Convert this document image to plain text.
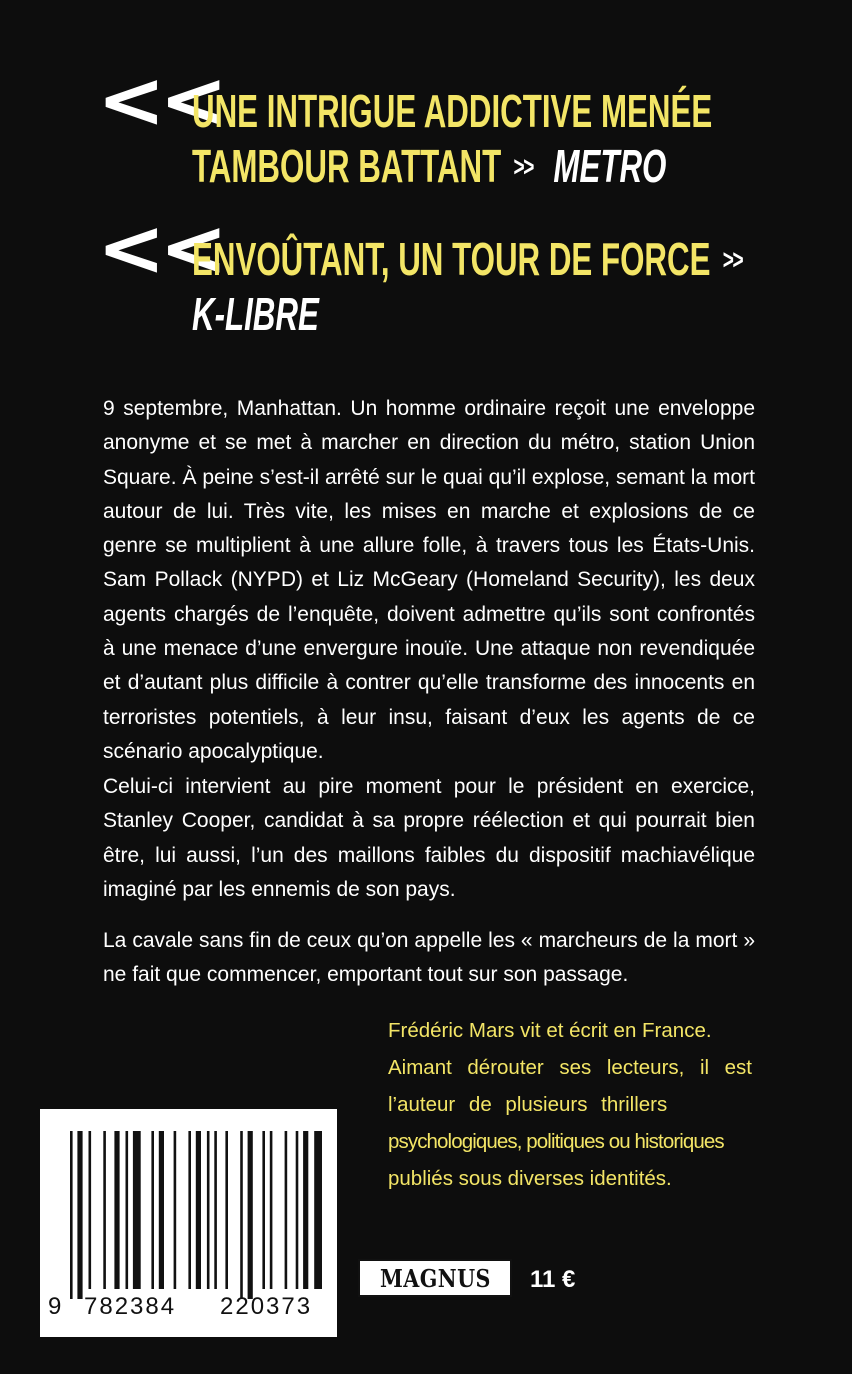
<<
UNE INTRIGUE ADDICTIVE MENÉE
TAMBOUR BATTANT >> METRO
<<
ENVOÛTANT, UN TOUR DE FORCE >>
K-LIBRE

9 septembre, Manhattan. Un homme ordinaire reçoit une enveloppe anonyme et se met à marcher en direction du métro, station Union Square. À peine s’est-il arrêté sur le quai qu’il explose, semant la mort autour de lui. Très vite, les mises en marche et explosions de ce genre se multiplient à une allure folle, à travers tous les États-Unis. Sam Pollack (NYPD) et Liz McGeary (Homeland Security), les deux agents chargés de l’enquête, doivent admettre qu’ils sont confrontés à une menace d’une envergure inouïe. Une attaque non revendiquée et d’autant plus difficile à contrer qu’elle transforme des innocents en terroristes potentiels, à leur insu, faisant d’eux les agents de ce scénario apocalyptique.

Celui-ci intervient au pire moment pour le président en exercice, Stanley Cooper, candidat à sa propre réélection et qui pourrait bien être, lui aussi, l’un des maillons faibles du dispositif machiavélique imaginé par les ennemis de son pays.

La cavale sans fin de ceux qu’on appelle les « marcheurs de la mort » ne fait que commencer, emportant tout sur son passage.

Frédéric Mars vit et écrit en France.
Aimant dérouter ses lecteurs, il est
l’auteur de plusieurs thrillers
psychologiques, politiques ou historiques
publiés sous diverses identités.
9 782384 220373
MAGNUS 11 €
